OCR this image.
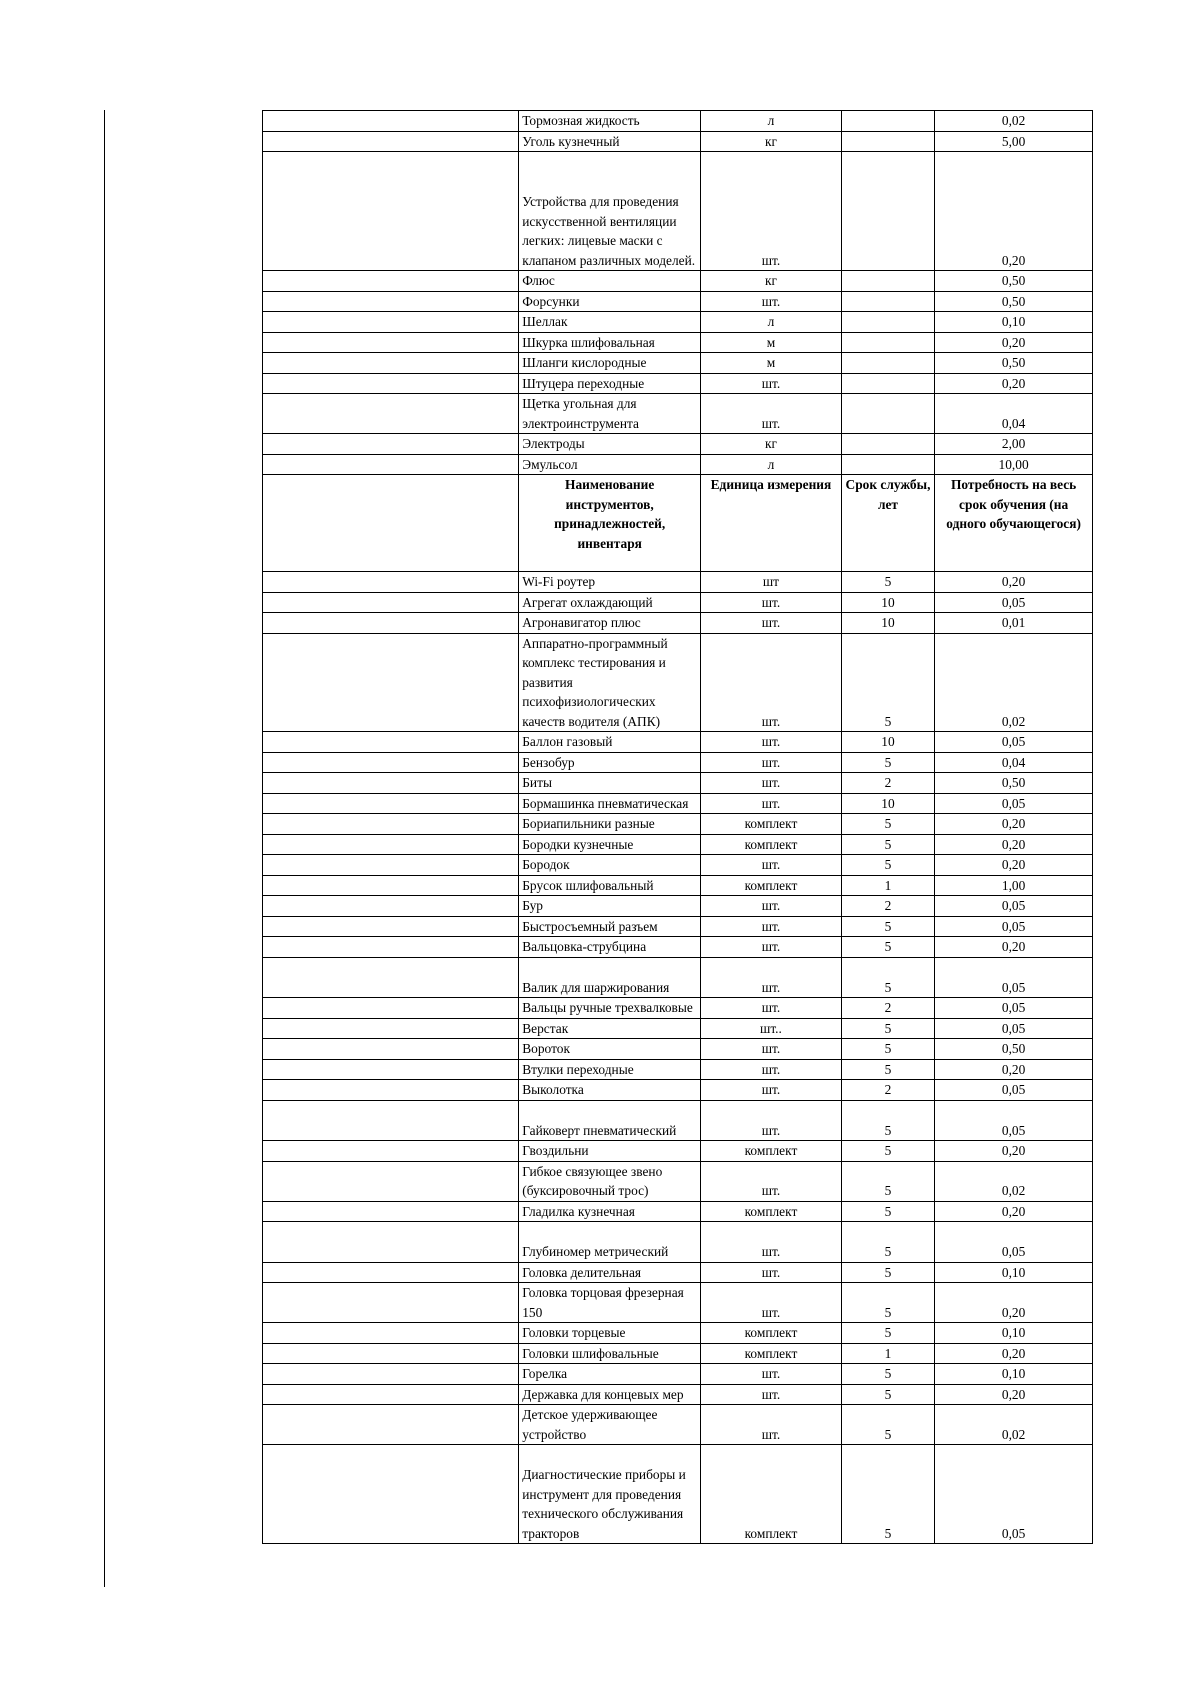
	Тормозная жидкость	л		0,02
	Уголь кузнечный	кг		5,00
	Устройства для проведения искусственной вентиляции легких: лицевые маски с клапаном различных моделей.	шт.		0,20
	Флюс	кг		0,50
	Форсунки	шт.		0,50
	Шеллак	л		0,10
	Шкурка шлифовальная	м		0,20
	Шланги кислородные	м		0,50
	Штуцера переходные	шт.		0,20
	Щетка угольная для электроинструмента	шт.		0,04
	Электроды	кг		2,00
	Эмульсол	л		10,00
	Наименование инструментов, принадлежностей, инвентаря	Единица измерения	Срок службы, лет	Потребность на весь срок обучения (на одного обучающегося)
	Wi-Fi роутер	шт	5	0,20
	Агрегат охлаждающий	шт.	10	0,05
	Агронавигатор плюс	шт.	10	0,01
	Аппаратно-программный комплекс тестирования и развития психофизиологических качеств водителя (АПК)	шт.	5	0,02
	Баллон газовый	шт.	10	0,05
	Бензобур	шт.	5	0,04
	Биты	шт.	2	0,50
	Бормашинка пневматическая	шт.	10	0,05
	Бориапильники разные	комплект	5	0,20
	Бородки кузнечные	комплект	5	0,20
	Бородок	шт.	5	0,20
	Брусок шлифовальный	комплект	1	1,00
	Бур	шт.	2	0,05
	Быстросъемный разъем	шт.	5	0,05
	Вальцовка-струбцина	шт.	5	0,20
	Валик для шаржирования	шт.	5	0,05
	Вальцы ручные трехвалковые	шт.	2	0,05
	Верстак	шт..	5	0,05
	Вороток	шт.	5	0,50
	Втулки переходные	шт.	5	0,20
	Выколотка	шт.	2	0,05
	Гайковерт пневматический	шт.	5	0,05
	Гвоздильни	комплект	5	0,20
	Гибкое связующее звено (буксировочный трос)	шт.	5	0,02
	Гладилка кузнечная	комплект	5	0,20
	Глубиномер метрический	шт.	5	0,05
	Головка делительная	шт.	5	0,10
	Головка торцовая фрезерная 150	шт.	5	0,20
	Головки торцевые	комплект	5	0,10
	Головки шлифовальные	комплект	1	0,20
	Горелка	шт.	5	0,10
	Державка для концевых мер	шт.	5	0,20
	Детское удерживающее устройство	шт.	5	0,02
	Диагностические приборы и инструмент для проведения технического обслуживания тракторов	комплект	5	0,05
